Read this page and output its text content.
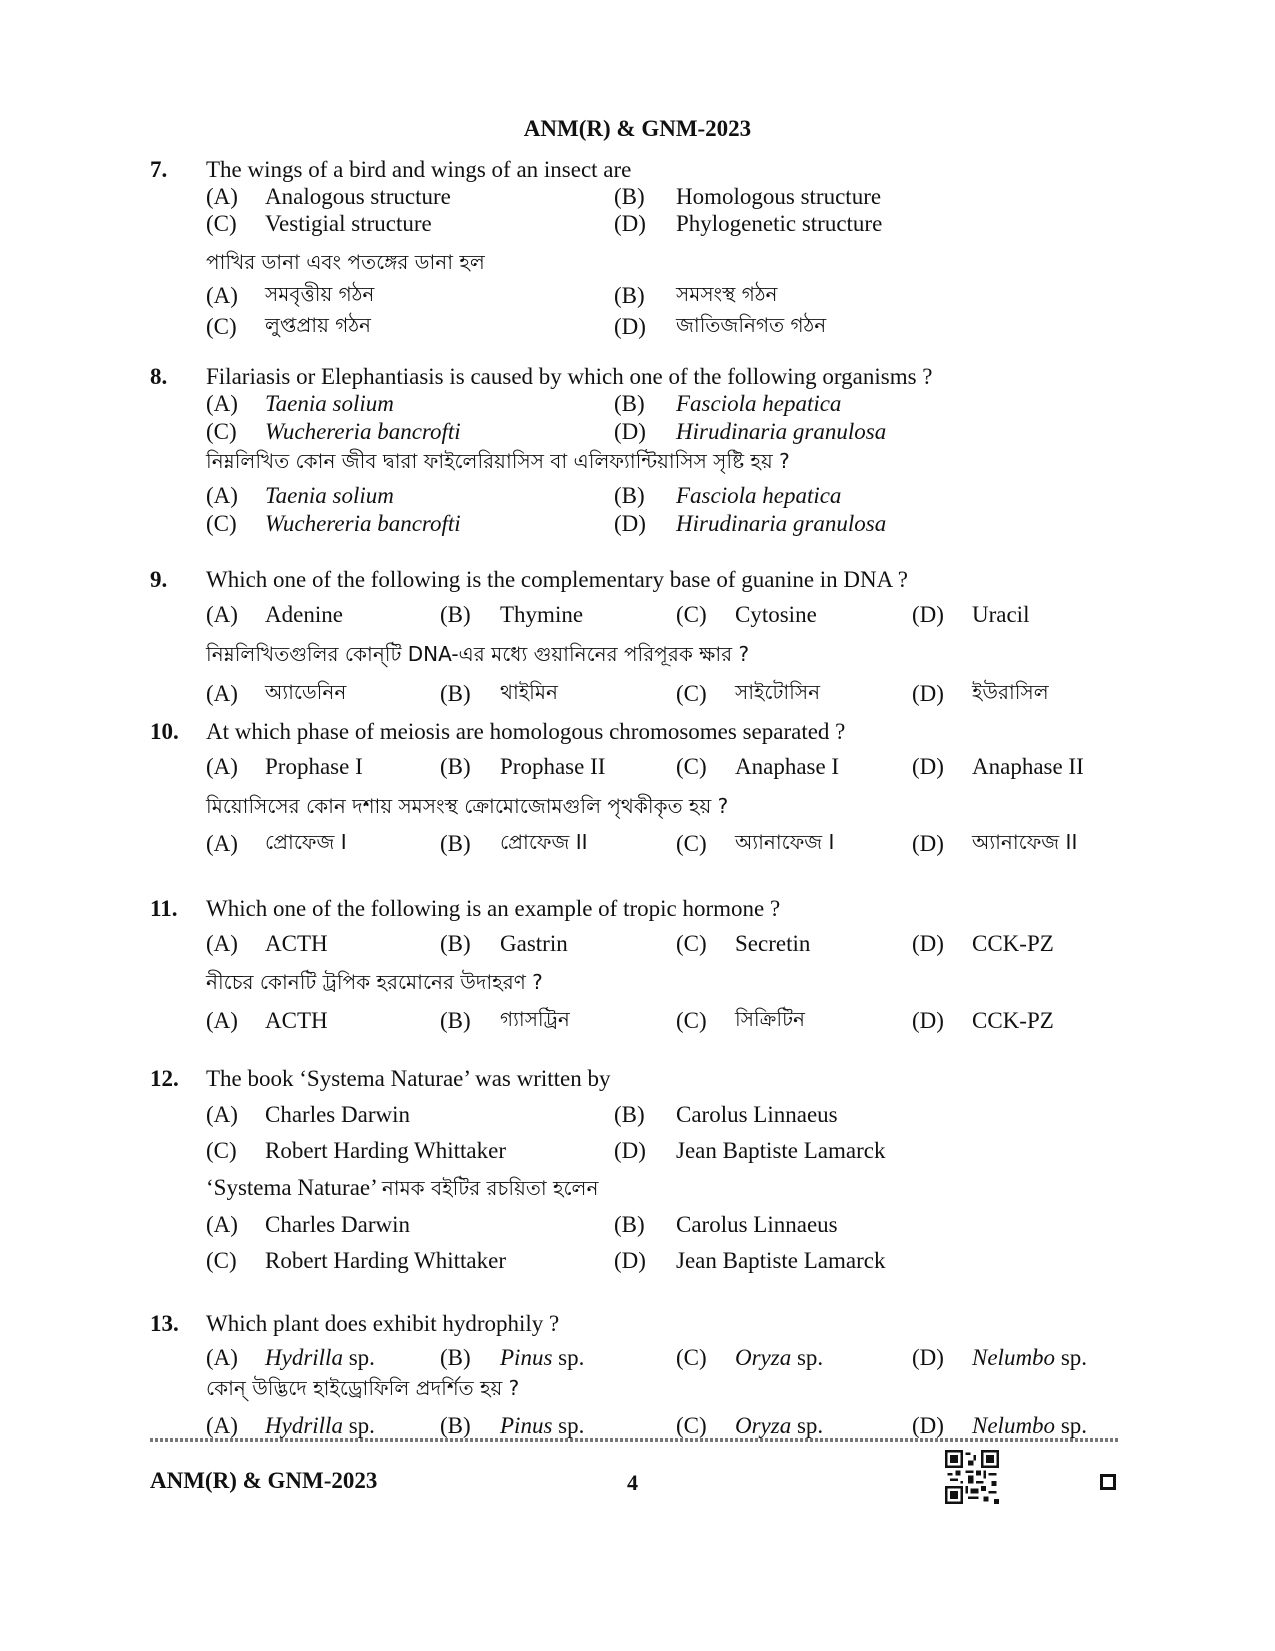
ANM(R) & GNM-2023
7. The wings of a bird and wings of an insect are
(A) Analogous structure	(B) Homologous structure
(C) Vestigial structure	(D) Phylogenetic structure
পাখির ডানা এবং পতঙ্গের ডানা হল
(A) সমবৃত্তীয় গঠন	(B) সমসংস্থ গঠন
(C) লুপ্তপ্রায় গঠন	(D) জাতিজনিগত গঠন
8. Filariasis or Elephantiasis is caused by which one of the following organisms ?
(A) Taenia solium	(B) Fasciola hepatica
(C) Wuchereria bancrofti	(D) Hirudinaria granulosa
নিম্নলিখিত কোন জীব দ্বারা ফাইলেরিয়াসিস বা এলিফ্যান্টিয়াসিস সৃষ্টি হয় ?
(A) Taenia solium	(B) Fasciola hepatica
(C) Wuchereria bancrofti	(D) Hirudinaria granulosa
9. Which one of the following is the complementary base of guanine in DNA ?
(A) Adenine	(B) Thymine	(C) Cytosine	(D) Uracil
নিম্নলিখিতগুলির কোন্‌টি DNA-এর মধ্যে গুয়ানিনের পরিপূরক ক্ষার ?
(A) অ্যাডেনিন	(B) থাইমিন	(C) সাইটোসিন	(D) ইউরাসিল
10. At which phase of meiosis are homologous chromosomes separated ?
(A) Prophase I	(B) Prophase II	(C) Anaphase I	(D) Anaphase II
মিয়োসিসের কোন দশায় সমসংস্থ ক্রোমোজোমগুলি পৃথকীকৃত হয় ?
(A) প্রোফেজ I	(B) প্রোফেজ II	(C) অ্যানাফেজ I	(D) অ্যানাফেজ II
11. Which one of the following is an example of tropic hormone ?
(A) ACTH	(B) Gastrin	(C) Secretin	(D) CCK-PZ
নীচের কোনটি ট্রপিক হরমোনের উদাহরণ ?
(A) ACTH	(B) গ্যাসট্রিন	(C) সিক্রিটিন	(D) CCK-PZ
12. The book ‘Systema Naturae’ was written by
(A) Charles Darwin	(B) Carolus Linnaeus
(C) Robert Harding Whittaker	(D) Jean Baptiste Lamarck
‘Systema Naturae’ নামক বইটির রচয়িতা হলেন
(A) Charles Darwin	(B) Carolus Linnaeus
(C) Robert Harding Whittaker	(D) Jean Baptiste Lamarck
13. Which plant does exhibit hydrophily ?
(A) Hydrilla sp.	(B) Pinus sp.	(C) Oryza sp.	(D) Nelumbo sp.
কোন্‌ উদ্ভিদে হাইড্রোফিলি প্রদর্শিত হয় ?
(A) Hydrilla sp.	(B) Pinus sp.	(C) Oryza sp.	(D) Nelumbo sp.
ANM(R) & GNM-2023	4
